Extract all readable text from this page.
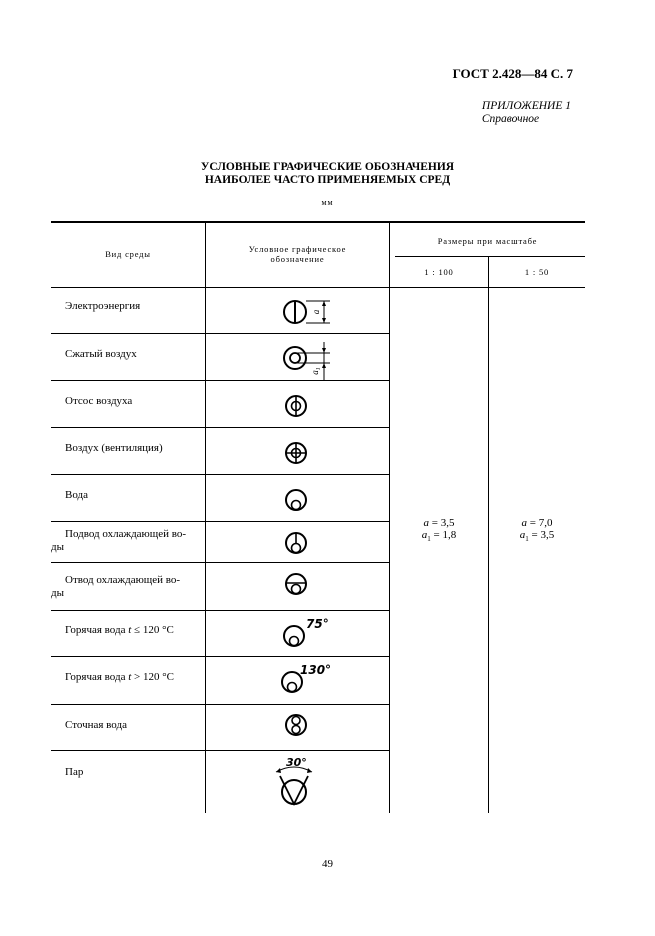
ГОСТ 2.428—84 С. 7
ПРИЛОЖЕНИЕ 1
Справочное
УСЛОВНЫЕ ГРАФИЧЕСКИЕ ОБОЗНАЧЕНИЯ
НАИБОЛЕЕ ЧАСТО ПРИМЕНЯЕМЫХ СРЕД
мм
Вид среды	Условное графическое
обозначение
Размеры при масштабе
1 : 100	1 : 50
Электроэнергия
Сжатый воздух
Отсос воздуха
Воздух (вентиляция)
Вода
Подвод охлаждающей во-
ды
Отвод охлаждающей во-
ды
Горячая вода t ≤ 120 °С
Горячая вода t > 120 °С
Сточная вода
Пар
a
$a_1$
75°
130°
30°
a = 3,5
$a_1 = 1,8$
a = 7,0
$a_1 = 3,5$
49
